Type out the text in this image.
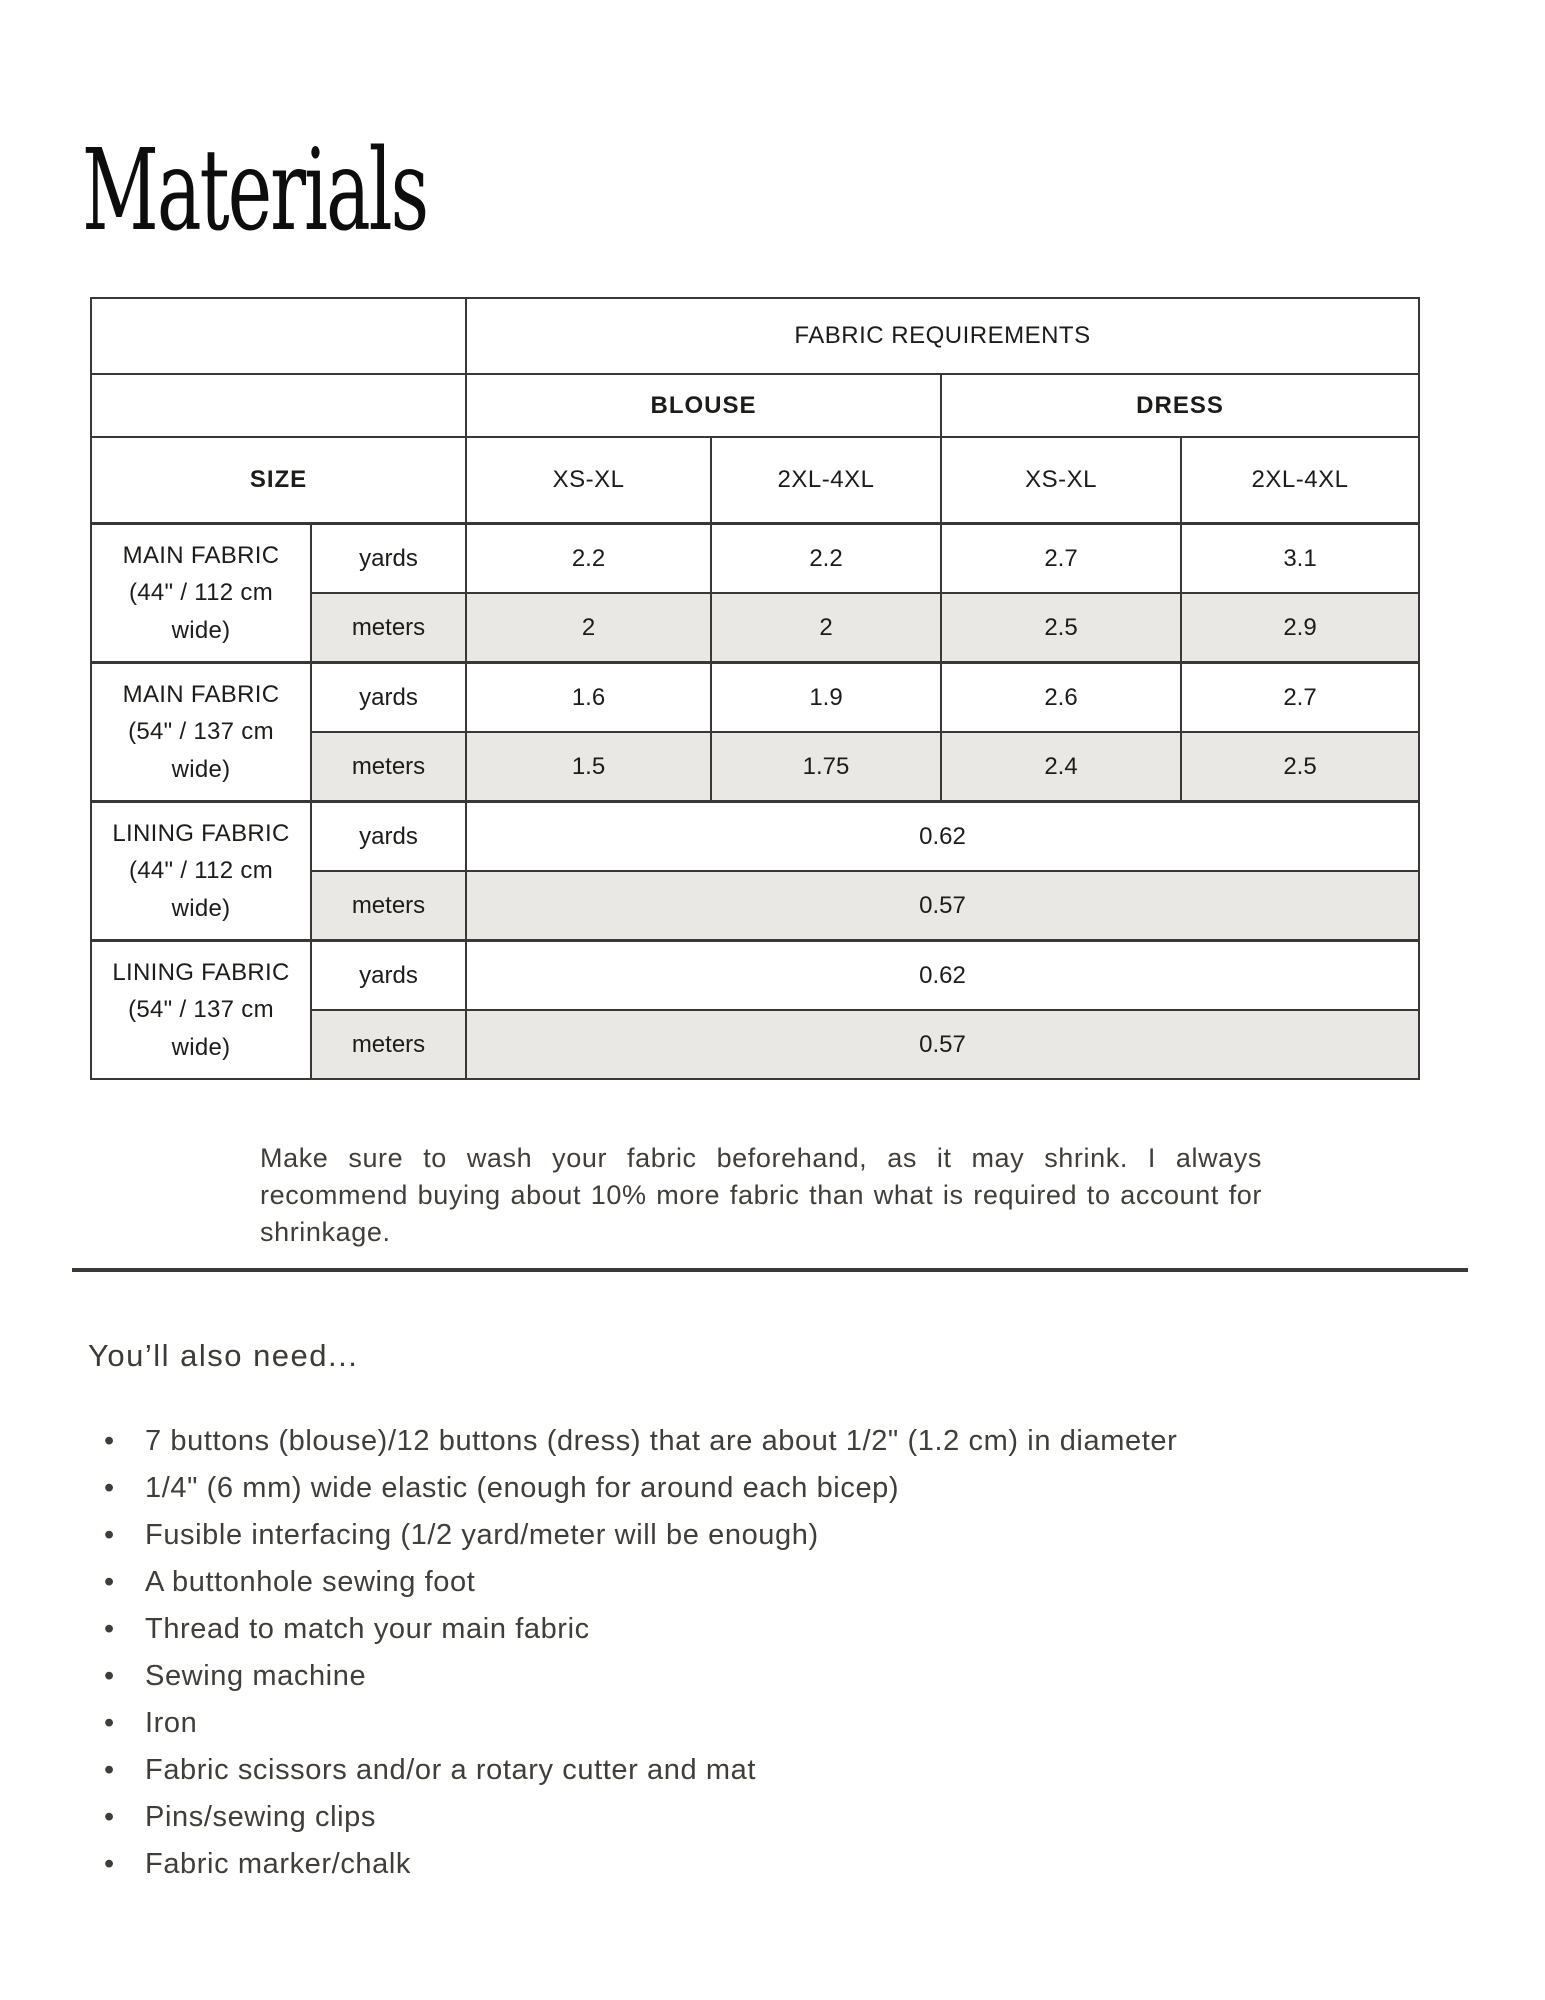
Materials
		FABRIC REQUIREMENTS			
		BLOUSE		DRESS	
SIZE		XS-XL	2XL-4XL	XS-XL	2XL-4XL

MAIN FABRIC
(44" / 112 cm wide)	yards	2.2	2.2	2.7	3.1
	meters	2	2	2.5	2.9

MAIN FABRIC
(54" / 137 cm wide)	yards	1.6	1.9	2.6	2.7
	meters	1.5	1.75	2.4	2.5

LINING FABRIC
(44" / 112 cm wide)	yards	0.62			
	meters	0.57			

LINING FABRIC
(54" / 137 cm wide)	yards	0.62			
	meters	0.57			

Make sure to wash your fabric beforehand, as it may shrink. I always recommend buying about 10% more fabric than what is required to account for shrinkage.

You’ll also need...
• 7 buttons (blouse)/12 buttons (dress) that are about 1/2" (1.2 cm) in diameter
• 1/4" (6 mm) wide elastic (enough for around each bicep)
• Fusible interfacing (1/2 yard/meter will be enough)
• A buttonhole sewing foot
• Thread to match your main fabric
• Sewing machine
• Iron
• Fabric scissors and/or a rotary cutter and mat
• Pins/sewing clips
• Fabric marker/chalk
